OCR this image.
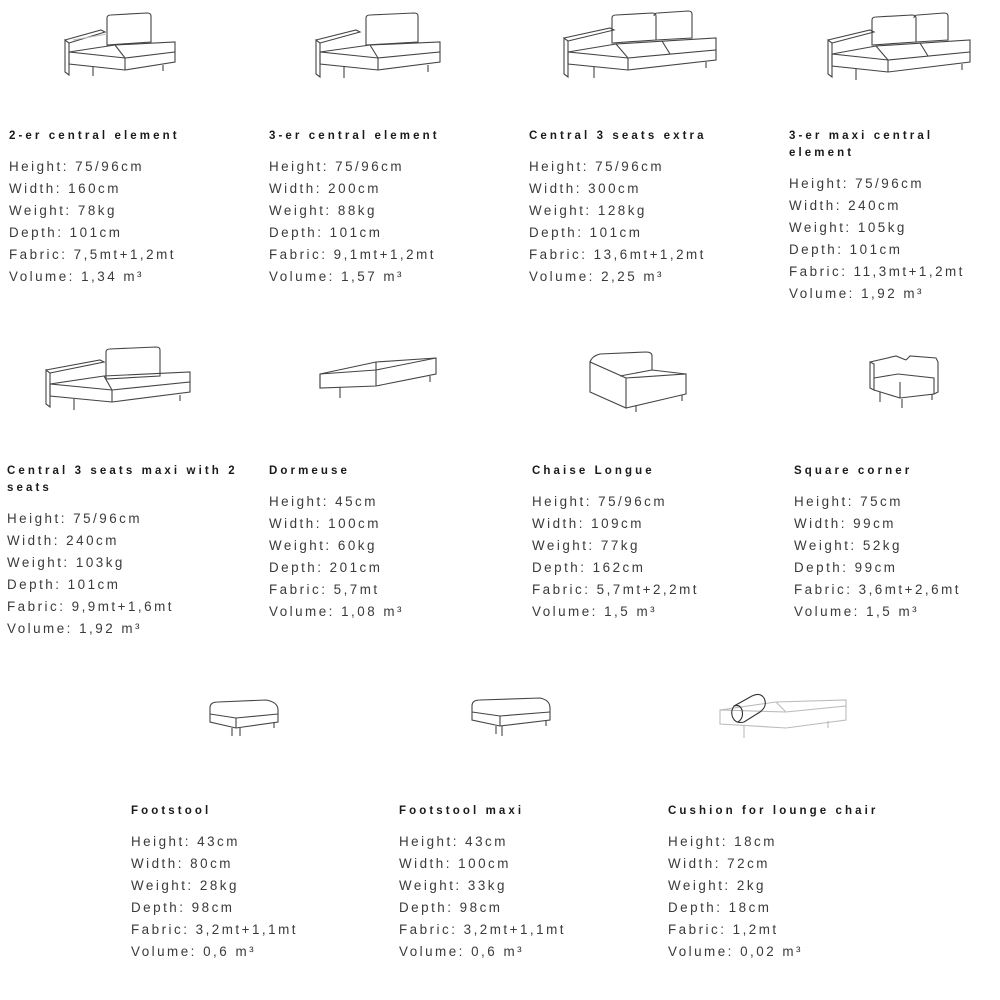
2-er central element
Height: 75/96cm
Width: 160cm
Weight: 78kg
Depth: 101cm
Fabric: 7,5mt+1,2mt
Volume: 1,34 m³
3-er central element
Height: 75/96cm
Width: 200cm
Weight: 88kg
Depth: 101cm
Fabric: 9,1mt+1,2mt
Volume: 1,57 m³
Central 3 seats extra
Height: 75/96cm
Width: 300cm
Weight: 128kg
Depth: 101cm
Fabric: 13,6mt+1,2mt
Volume: 2,25 m³
3-er maxi central element
Height: 75/96cm
Width: 240cm
Weight: 105kg
Depth: 101cm
Fabric: 11,3mt+1,2mt
Volume: 1,92 m³
Central 3 seats maxi with 2 seats
Height: 75/96cm
Width: 240cm
Weight: 103kg
Depth: 101cm
Fabric: 9,9mt+1,6mt
Volume: 1,92 m³
Dormeuse
Height: 45cm
Width: 100cm
Weight: 60kg
Depth: 201cm
Fabric: 5,7mt
Volume: 1,08 m³
Chaise Longue
Height: 75/96cm
Width: 109cm
Weight: 77kg
Depth: 162cm
Fabric: 5,7mt+2,2mt
Volume: 1,5 m³
Square corner
Height: 75cm
Width: 99cm
Weight: 52kg
Depth: 99cm
Fabric: 3,6mt+2,6mt
Volume: 1,5 m³
Footstool
Height: 43cm
Width: 80cm
Weight: 28kg
Depth: 98cm
Fabric: 3,2mt+1,1mt
Volume: 0,6 m³
Footstool maxi
Height: 43cm
Width: 100cm
Weight: 33kg
Depth: 98cm
Fabric: 3,2mt+1,1mt
Volume: 0,6 m³
Cushion for lounge chair
Height: 18cm
Width: 72cm
Weight: 2kg
Depth: 18cm
Fabric: 1,2mt
Volume: 0,02 m³
